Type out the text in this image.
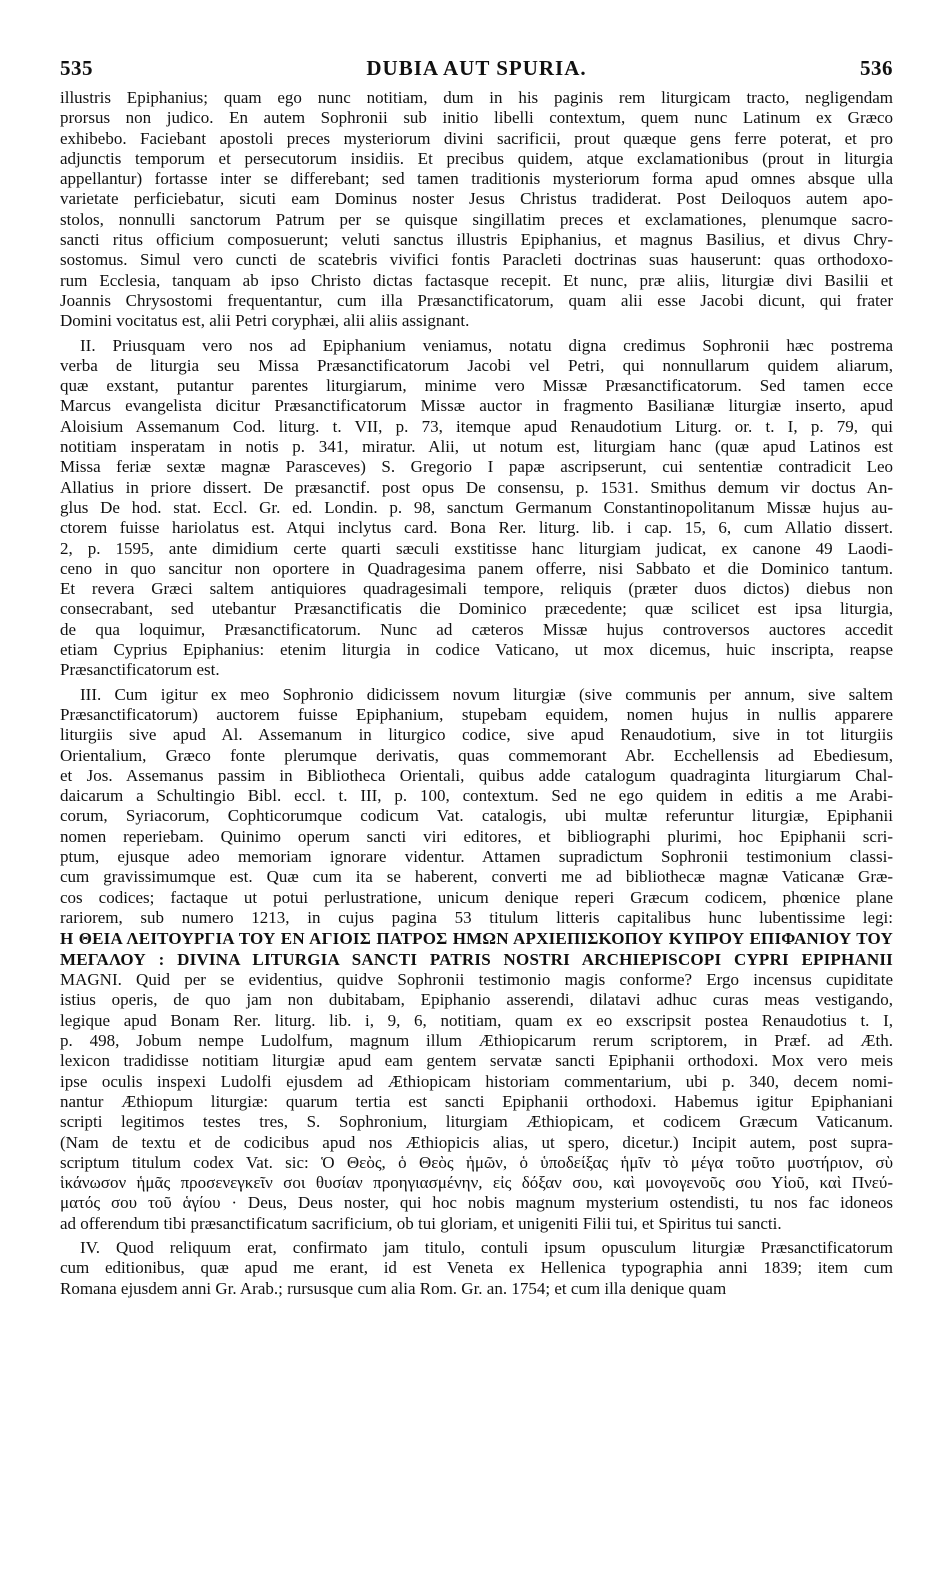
535	DUBIA AUT SPURIA.	536

illustris Epiphanius; quam ego nunc notitiam, dum in his paginis rem liturgicam tracto, negligendam

prorsus non judico. En autem Sophronii sub initio libelli contextum, quem nunc Latinum ex Græco

exhibebo. Faciebant apostoli preces mysteriorum divini sacrificii, prout quæque gens ferre poterat, et pro

adjunctis temporum et persecutorum insidiis. Et precibus quidem, atque exclamationibus (prout in liturgia

appellantur) fortasse inter se differebant; sed tamen traditionis mysteriorum forma apud omnes absque ulla

varietate perficiebatur, sicuti eam Dominus noster Jesus Christus tradiderat. Post Deiloquos autem apo-

stolos, nonnulli sanctorum Patrum per se quisque singillatim preces et exclamationes, plenumque sacro-

sancti ritus officium composuerunt; veluti sanctus illustris Epiphanius, et magnus Basilius, et divus Chry-

sostomus. Simul vero cuncti de scatebris vivifici fontis Paracleti doctrinas suas hauserunt: quas orthodoxo-

rum Ecclesia, tanquam ab ipso Christo dictas factasque recepit. Et nunc, præ aliis, liturgiæ divi Basilii et

Joannis Chrysostomi frequentantur, cum illa Præsanctificatorum, quam alii esse Jacobi dicunt, qui frater

Domini vocitatus est, alii Petri coryphæi, alii aliis assignant.

II. Priusquam vero nos ad Epiphanium veniamus, notatu digna credimus Sophronii hæc postrema

verba de liturgia seu Missa Præsanctificatorum Jacobi vel Petri, qui nonnullarum quidem aliarum,

quæ exstant, putantur parentes liturgiarum, minime vero Missæ Præsanctificatorum. Sed tamen ecce

Marcus evangelista dicitur Præsanctificatorum Missæ auctor in fragmento Basilianæ liturgiæ inserto, apud

Aloisium Assemanum Cod. liturg. t. VII, p. 73, itemque apud Renaudotium Liturg. or. t. I, p. 79, qui

notitiam insperatam in notis p. 341, miratur. Alii, ut notum est, liturgiam hanc (quæ apud Latinos est

Missa feriæ sextæ magnæ Parasceves) S. Gregorio I papæ ascripserunt, cui sententiæ contradicit Leo

Allatius in priore dissert. De præsanctif. post opus De consensu, p. 1531. Smithus demum vir doctus An-

glus De hod. stat. Eccl. Gr. ed. Londin. p. 98, sanctum Germanum Constantinopolitanum Missæ hujus au-

ctorem fuisse hariolatus est. Atqui inclytus card. Bona Rer. liturg. lib. i cap. 15, 6, cum Allatio dissert.

2, p. 1595, ante dimidium certe quarti sæculi exstitisse hanc liturgiam judicat, ex canone 49 Laodi-

ceno in quo sancitur non oportere in Quadragesima panem offerre, nisi Sabbato et die Dominico tantum.

Et revera Græci saltem antiquiores quadragesimali tempore, reliquis (præter duos dictos) diebus non

consecrabant, sed utebantur Præsanctificatis die Dominico præcedente; quæ scilicet est ipsa liturgia,

de qua loquimur, Præsanctificatorum. Nunc ad cæteros Missæ hujus controversos auctores accedit

etiam Cyprius Epiphanius: etenim liturgia in codice Vaticano, ut mox dicemus, huic inscripta, reapse

Præsanctificatorum est.

III. Cum igitur ex meo Sophronio didicissem novum liturgiæ (sive communis per annum, sive saltem

Præsanctificatorum) auctorem fuisse Epiphanium, stupebam equidem, nomen hujus in nullis apparere

liturgiis sive apud Al. Assemanum in liturgico codice, sive apud Renaudotium, sive in tot liturgiis

Orientalium, Græco fonte plerumque derivatis, quas commemorant Abr. Ecchellensis ad Ebediesum,

et Jos. Assemanus passim in Bibliotheca Orientali, quibus adde catalogum quadraginta liturgiarum Chal-

daicarum a Schultingio Bibl. eccl. t. III, p. 100, contextum. Sed ne ego quidem in editis a me Arabi-

corum, Syriacorum, Cophticorumque codicum Vat. catalogis, ubi multæ referuntur liturgiæ, Epiphanii

nomen reperiebam. Quinimo operum sancti viri editores, et bibliographi plurimi, hoc Epiphanii scri-

ptum, ejusque adeo memoriam ignorare videntur. Attamen supradictum Sophronii testimonium classi-

cum gravissimumque est. Quæ cum ita se haberent, converti me ad bibliothecæ magnæ Vaticanæ Græ-

cos codices; factaque ut potui perlustratione, unicum denique reperi Græcum codicem, phœnice plane

rariorem, sub numero 1213, in cujus pagina 53 titulum litteris capitalibus hunc lubentissime legi:

Η ΘΕΙΑ ΛΕΙΤΟΥΡΓΙΑ ΤΟΥ ΕΝ ΑΓΙΟΙΣ ΠΑΤΡΟΣ ΗΜΩΝ ΑΡΧΙΕΠΙΣΚΟΠΟΥ ΚΥΠΡΟΥ ΕΠΙΦΑΝΙΟΥ ΤΟΥ

ΜΕΓΑΛΟΥ : DIVINA LITURGIA SANCTI PATRIS NOSTRI ARCHIEPISCOPI CYPRI EPIPHANII

MAGNI. Quid per se evidentius, quidve Sophronii testimonio magis conforme? Ergo incensus cupiditate

istius operis, de quo jam non dubitabam, Epiphanio asserendi, dilatavi adhuc curas meas vestigando,

legique apud Bonam Rer. liturg. lib. i, 9, 6, notitiam, quam ex eo exscripsit postea Renaudotius t. I,

p. 498, Jobum nempe Ludolfum, magnum illum Æthiopicarum rerum scriptorem, in Præf. ad Æth.

lexicon tradidisse notitiam liturgiæ apud eam gentem servatæ sancti Epiphanii orthodoxi. Mox vero meis

ipse oculis inspexi Ludolfi ejusdem ad Æthiopicam historiam commentarium, ubi p. 340, decem nomi-

nantur Æthiopum liturgiæ: quarum tertia est sancti Epiphanii orthodoxi. Habemus igitur Epiphaniani

scripti legitimos testes tres, S. Sophronium, liturgiam Æthiopicam, et codicem Græcum Vaticanum.

(Nam de textu et de codicibus apud nos Æthiopicis alias, ut spero, dicetur.) Incipit autem, post supra-

scriptum titulum codex Vat. sic: Ὁ Θεὸς, ὁ Θεὸς ἡμῶν, ὁ ὑποδείξας ἡμῖν τὸ μέγα τοῦτο μυστήριον, σὺ

ἱκάνωσον ἡμᾶς προσενεγκεῖν σοι θυσίαν προηγιασμένην, εἰς δόξαν σου, καὶ μονογενοῦς σου Υἱοῦ, καὶ Πνεύ-

ματός σου τοῦ ἁγίου · Deus, Deus noster, qui hoc nobis magnum mysterium ostendisti, tu nos fac idoneos

ad offerendum tibi præsanctificatum sacrificium, ob tui gloriam, et unigeniti Filii tui, et Spiritus tui sancti.

IV. Quod reliquum erat, confirmato jam titulo, contuli ipsum opusculum liturgiæ Præsanctificatorum

cum editionibus, quæ apud me erant, id est Veneta ex Hellenica typographia anni 1839; item cum

Romana ejusdem anni Gr. Arab.; rursusque cum alia Rom. Gr. an. 1754; et cum illa denique quam
